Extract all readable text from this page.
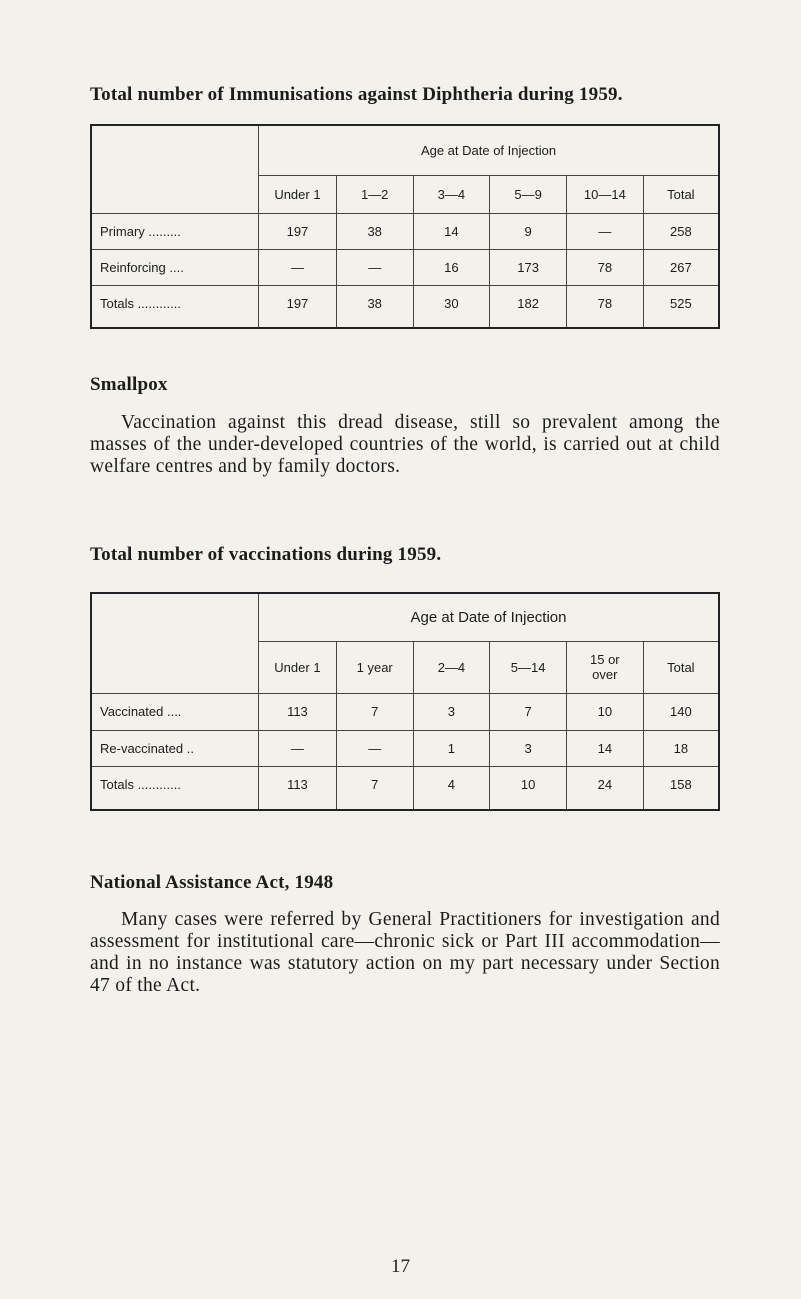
Total number of Immunisations against Diphtheria during 1959.
	Age at Date of Injection					
	Under 1	1—2	3—4	5—9	10—14	Total
Primary .........	197	38	14	9	—	258
Reinforcing ....	—	—	16	173	78	267
Totals ............	197	38	30	182	78	525
Smallpox

Vaccination against this dread disease, still so prevalent among the masses of the under-developed countries of the world, is carried out at child welfare centres and by family doctors.

Total number of vaccinations during 1959.
	Age at Date of Injection					
	Under 1	1 year	2—4	5—14	15 or
over	Total
Vaccinated ....	113	7	3	7	10	140
Re-vaccinated ..	—	—	1	3	14	18
Totals ............	113	7	4	10	24	158
National Assistance Act, 1948

Many cases were referred by General Practitioners for investigation and assessment for institutional care—chronic sick or Part III accommodation—and in no instance was statutory action on my part necessary under Section 47 of the Act.

17
